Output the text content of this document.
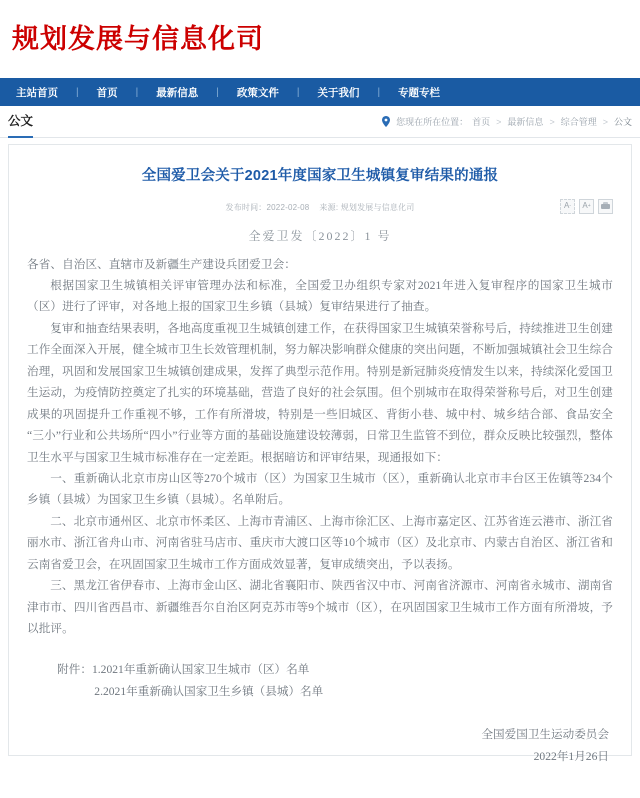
规划发展与信息化司
主站首页	|	首页	|	最新信息	|	政策文件	|	关于我们	|	专题专栏
公文	您现在所在位置： 首页 > 最新信息 > 综合管理 > 公文
全国爱卫会关于2021年度国家卫生城镇复审结果的通报
发布时间：2022-02-08 来源: 规划发展与信息化司	A - A +
全爱卫发〔2022〕1 号

各省、自治区、直辖市及新疆生产建设兵团爱卫会：

根据国家卫生城镇相关评审管理办法和标准，全国爱卫办组织专家对2021年进入复审程序的国家卫生城市（区）进行了评审，对各地上报的国家卫生乡镇（县城）复审结果进行了抽查。

复审和抽查结果表明，各地高度重视卫生城镇创建工作，在获得国家卫生城镇荣誉称号后，持续推进卫生创建工作全面深入开展，健全城市卫生长效管理机制，努力解决影响群众健康的突出问题，不断加强城镇社会卫生综合治理，巩固和发展国家卫生城镇创建成果，发挥了典型示范作用。特别是新冠肺炎疫情发生以来，持续深化爱国卫生运动，为疫情防控奠定了扎实的环境基础，营造了良好的社会氛围。但个别城市在取得荣誉称号后，对卫生创建成果的巩固提升工作重视不够，工作有所滑坡，特别是一些旧城区、背街小巷、城中村、城乡结合部、食品安全“三小”行业和公共场所“四小”行业等方面的基础设施建设较薄弱，日常卫生监管不到位，群众反映比较强烈，整体卫生水平与国家卫生城市标准存在一定差距。根据暗访和评审结果，现通报如下：

一、重新确认北京市房山区等270个城市（区）为国家卫生城市（区），重新确认北京市丰台区王佐镇等234个乡镇（县城）为国家卫生乡镇（县城）。名单附后。

二、北京市通州区、北京市怀柔区、上海市青浦区、上海市徐汇区、上海市嘉定区、江苏省连云港市、浙江省丽水市、浙江省舟山市、河南省驻马店市、重庆市大渡口区等10个城市（区）及北京市、内蒙古自治区、浙江省和云南省爱卫会，在巩固国家卫生城市工作方面成效显著，复审成绩突出，予以表扬。

三、黑龙江省伊春市、上海市金山区、湖北省襄阳市、陕西省汉中市、河南省济源市、河南省永城市、湖南省津市市、四川省西昌市、新疆维吾尔自治区阿克苏市等9个城市（区），在巩固国家卫生城市工作方面有所滑坡，予以批评。

附件：1.2021年重新确认国家卫生城市（区）名单
2.2021年重新确认国家卫生乡镇（县城）名单
全国爱国卫生运动委员会
2022年1月26日
